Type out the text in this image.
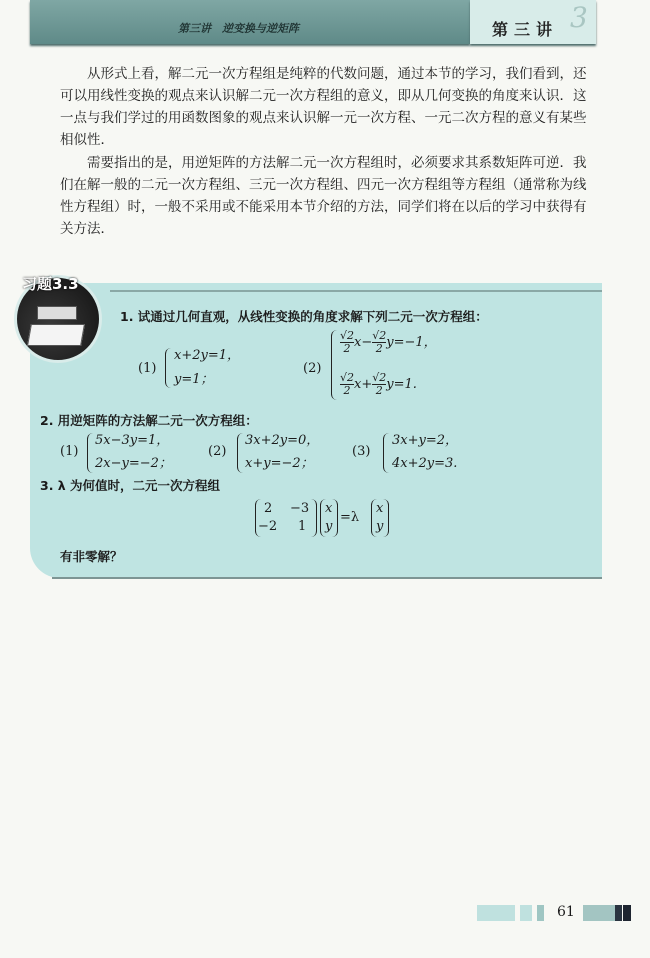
第三讲　逆变换与逆矩阵	第三讲 3

从形式上看，解二元一次方程组是纯粹的代数问题，通过本节的学习，我们看到，还可以用线性变换的观点来认识解二元一次方程组的意义，即从几何变换的角度来认识．这一点与我们学过的用函数图象的观点来认识解一元一次方程、一元二次方程的意义有某些相似性．

需要指出的是，用逆矩阵的方法解二元一次方程组时，必须要求其系数矩阵可逆．我们在解一般的二元一次方程组、三元一次方程组、四元一次方程组等方程组（通常称为线性方程组）时，一般不采用或不能采用本节介绍的方法，同学们将在以后的学习中获得有关方法．

习题3.3
1. 试通过几何直观，从线性变换的角度求解下列二元一次方程组：
(1)
x+2y=1，
y=1；
(2)
$\frac{√2}{2} x- \frac{√2}{2} y=-1$，
$\frac{√2}{2} x+ \frac{√2}{2} y=1$.
2. 用逆矩阵的方法解二元一次方程组：
(1)
5x−3y=1，
2x−y=−2；
(2)
3x+2y=0，
x+y=−2；
(3)
3x+y=2，
4x+2y=3.
3. λ 为何值时，二元一次方程组
2 −3
−2 1
x
y
=λ
x
y
有非零解？
61
